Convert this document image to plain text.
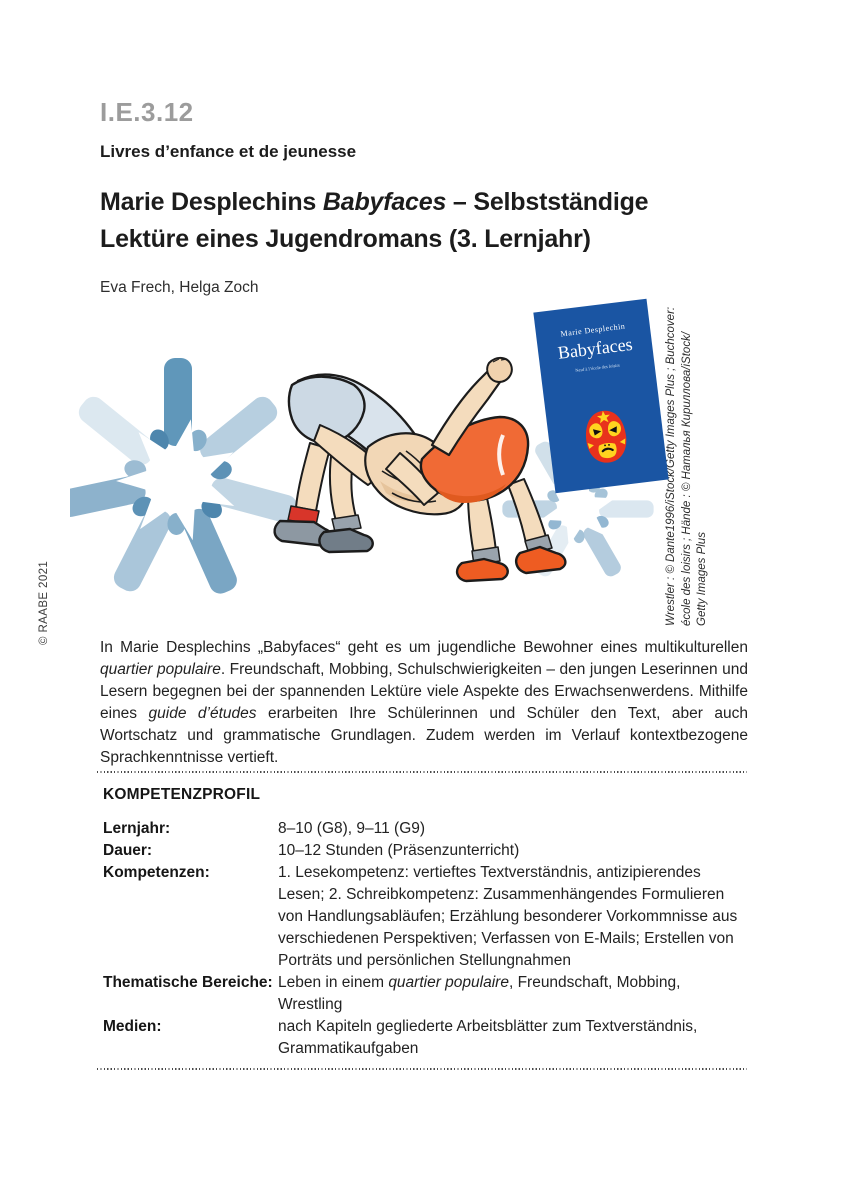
I.E.3.12
Livres d’enfance et de jeunesse
Marie Desplechins Babyfaces – Selbstständige
Lektüre eines Jugendromans (3. Lernjahr)
Eva Frech, Helga Zoch
© RAABE 2021	Wrestler : © Dante1996/iStock/Getty Images Plus ; Buchcover: école des loisirs ; Hände : © Наталья Кириллова/iStock/ Getty Images Plus
Marie Desplechin
Babyfaces
Neuf à l’école des loisirs

In Marie Desplechins „Babyfaces“ geht es um jugendliche Bewohner eines multikulturellen quartier populaire. Freundschaft, Mobbing, Schulschwierigkeiten – den jungen Leserinnen und Lesern begegnen bei der spannenden Lektüre viele Aspekte des Erwachsenwerdens. Mithilfe eines guide d’études erarbeiten Ihre Schülerinnen und Schüler den Text, aber auch Wortschatz und grammatische Grundlagen. Zudem werden im Verlauf kontextbezogene Sprachkenntnisse vertieft.

KOMPETENZPROFIL
Lernjahr:	8–10 (G8), 9–11 (G9)
Dauer:	10–12 Stunden (Präsenzunterricht)
Kompetenzen:	1. Lesekompetenz: vertieftes Textverständnis, antizipierendes Lesen; 2. Schreibkompetenz: Zusammenhängendes Formulieren von Handlungsabläufen; Erzählung besonderer Vorkommnisse aus verschiedenen Perspektiven; Verfassen von E-Mails; Erstellen von Porträts und persönlichen Stellungnahmen
Thematische Bereiche: Leben in einem quartier populaire, Freundschaft, Mobbing, Wrestling
Medien:	nach Kapiteln gegliederte Arbeitsblätter zum Textverständnis, Grammatikaufgaben
